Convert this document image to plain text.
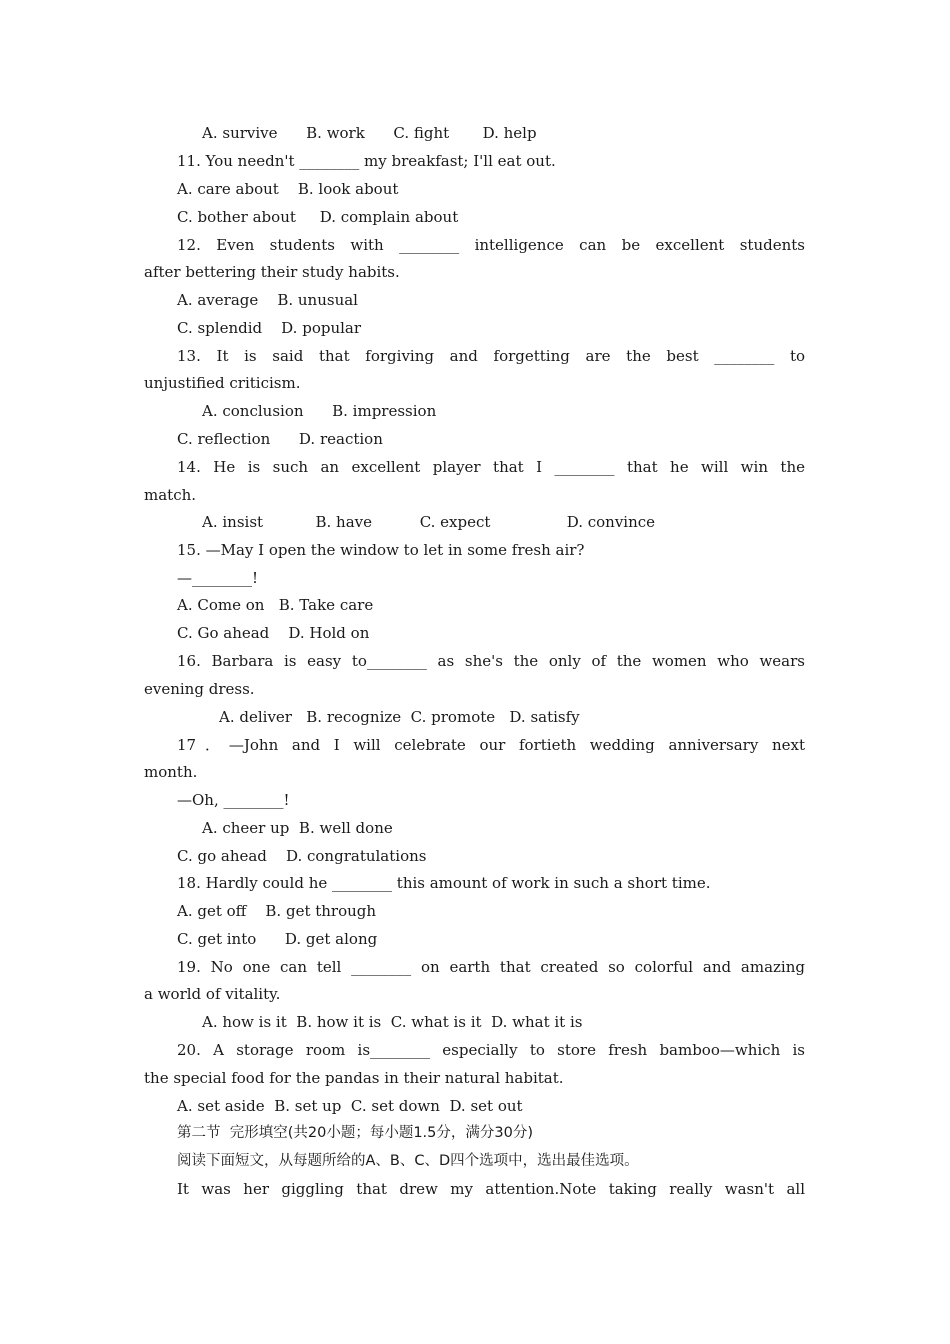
A. survive      B. work      C. fight       D. help
11. You needn't ________ my breakfast; I'll eat out.
A. care about    B. look about
C. bother about     D. complain about
12. Even students with ________ intelligence can be excellent students
after bettering their study habits.
A. average    B. unusual
C. splendid    D. popular
13. It is said that forgiving and forgetting are the best ________ to
unjustified criticism.
A. conclusion      B. impression
C. reflection      D. reaction
14. He is such an excellent player that I ________ that he will win the
match.
A. insist           B. have          C. expect                D. convince
15. —May I open the window to let in some fresh air?
—________!
A. Come on   B. Take care
C. Go ahead    D. Hold on
16. Barbara is easy to________ as she's the only of the women who wears
evening dress.
A. deliver   B. recognize  C. promote   D. satisfy
17．—John and I will celebrate our fortieth wedding anniversary next
month.
—Oh, ________!
A. cheer up  B. well done
C. go ahead    D. congratulations
18. Hardly could he ________ this amount of work in such a short time.
A. get off    B. get through
C. get into      D. get along
19. No one can tell ________ on earth that created so colorful and amazing
a world of vitality.
A. how is it  B. how it is  C. what is it  D. what it is
20. A storage room is________ especially to store fresh bamboo—which is
the special food for the pandas in their natural habitat.
A. set aside  B. set up  C. set down  D. set out
第二节  完形填空(共20小题；每小题1.5分，满分30分)
阅读下面短文，从每题所给的A、B、C、D四个选项中，选出最佳选项。
It was her giggling that drew my attention.Note taking really wasn't all
